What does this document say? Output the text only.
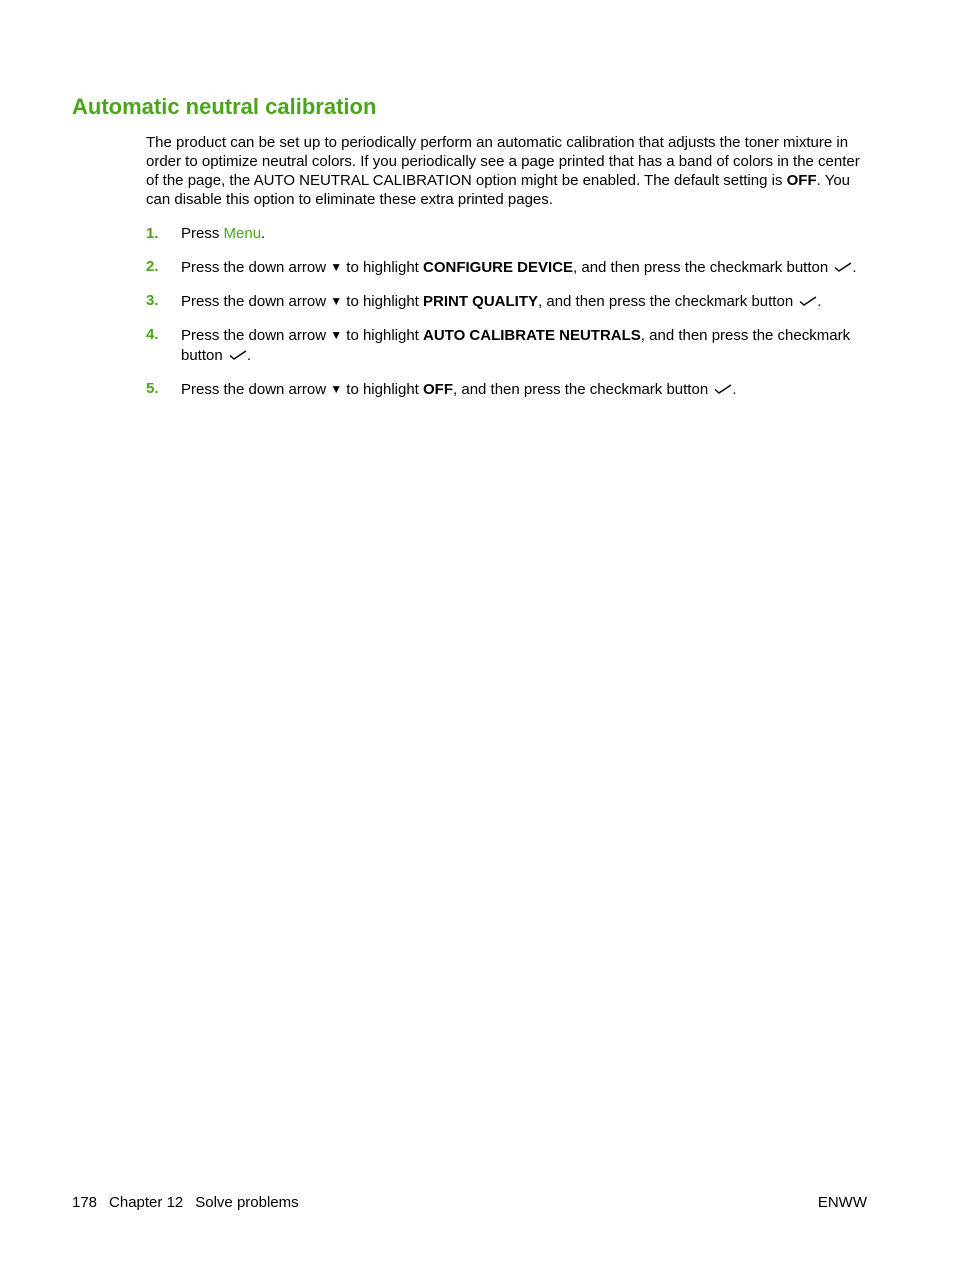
Automatic neutral calibration

The product can be set up to periodically perform an automatic calibration that adjusts the toner mixture in order to optimize neutral colors. If you periodically see a page printed that has a band of colors in the center of the page, the AUTO NEUTRAL CALIBRATION option might be enabled. The default setting is OFF. You can disable this option to eliminate these extra printed pages.

1. Press Menu.
2. Press the down arrow ▼ to highlight CONFIGURE DEVICE, and then press the checkmark button .
3. Press the down arrow ▼ to highlight PRINT QUALITY, and then press the checkmark button .
4. Press the down arrow ▼ to highlight AUTO CALIBRATE NEUTRALS, and then press the checkmark button .
5. Press the down arrow ▼ to highlight OFF, and then press the checkmark button .
178 Chapter 12 Solve problems	ENWW
